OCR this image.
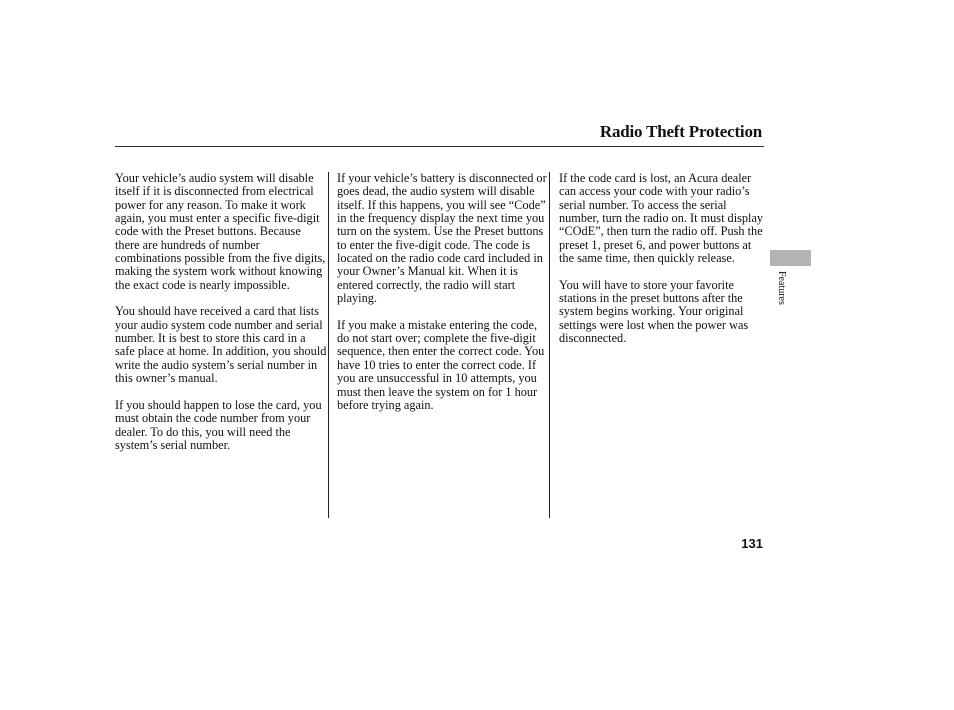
Radio Theft Protection

Your vehicle’s audio system will disable itself if it is disconnected from electrical power for any reason. To make it work again, you must enter a specific five-digit code with the Preset buttons. Because there are hundreds of number combinations possible from the five digits, making the system work without knowing the exact code is nearly impossible.

You should have received a card that lists your audio system code number and serial number. It is best to store this card in a safe place at home. In addition, you should write the audio system’s serial number in this owner’s manual.

If you should happen to lose the card, you must obtain the code number from your dealer. To do this, you will need the system’s serial number.

If your vehicle’s battery is disconnected or goes dead, the audio system will disable itself. If this happens, you will see “Code” in the frequency display the next time you turn on the system. Use the Preset buttons to enter the five-digit code. The code is located on the radio code card included in your Owner’s Manual kit. When it is entered correctly, the radio will start playing.

If you make a mistake entering the code, do not start over; complete the five-digit sequence, then enter the correct code. You have 10 tries to enter the correct code. If you are unsuccessful in 10 attempts, you must then leave the system on for 1 hour before trying again.

If the code card is lost, an Acura dealer can access your code with your radio’s serial number. To access the serial number, turn the radio on. It must display “COdE”, then turn the radio off. Push the preset 1, preset 6, and power buttons at the same time, then quickly release.

You will have to store your favorite stations in the preset buttons after the system begins working. Your original settings were lost when the power was disconnected.

Features
131
